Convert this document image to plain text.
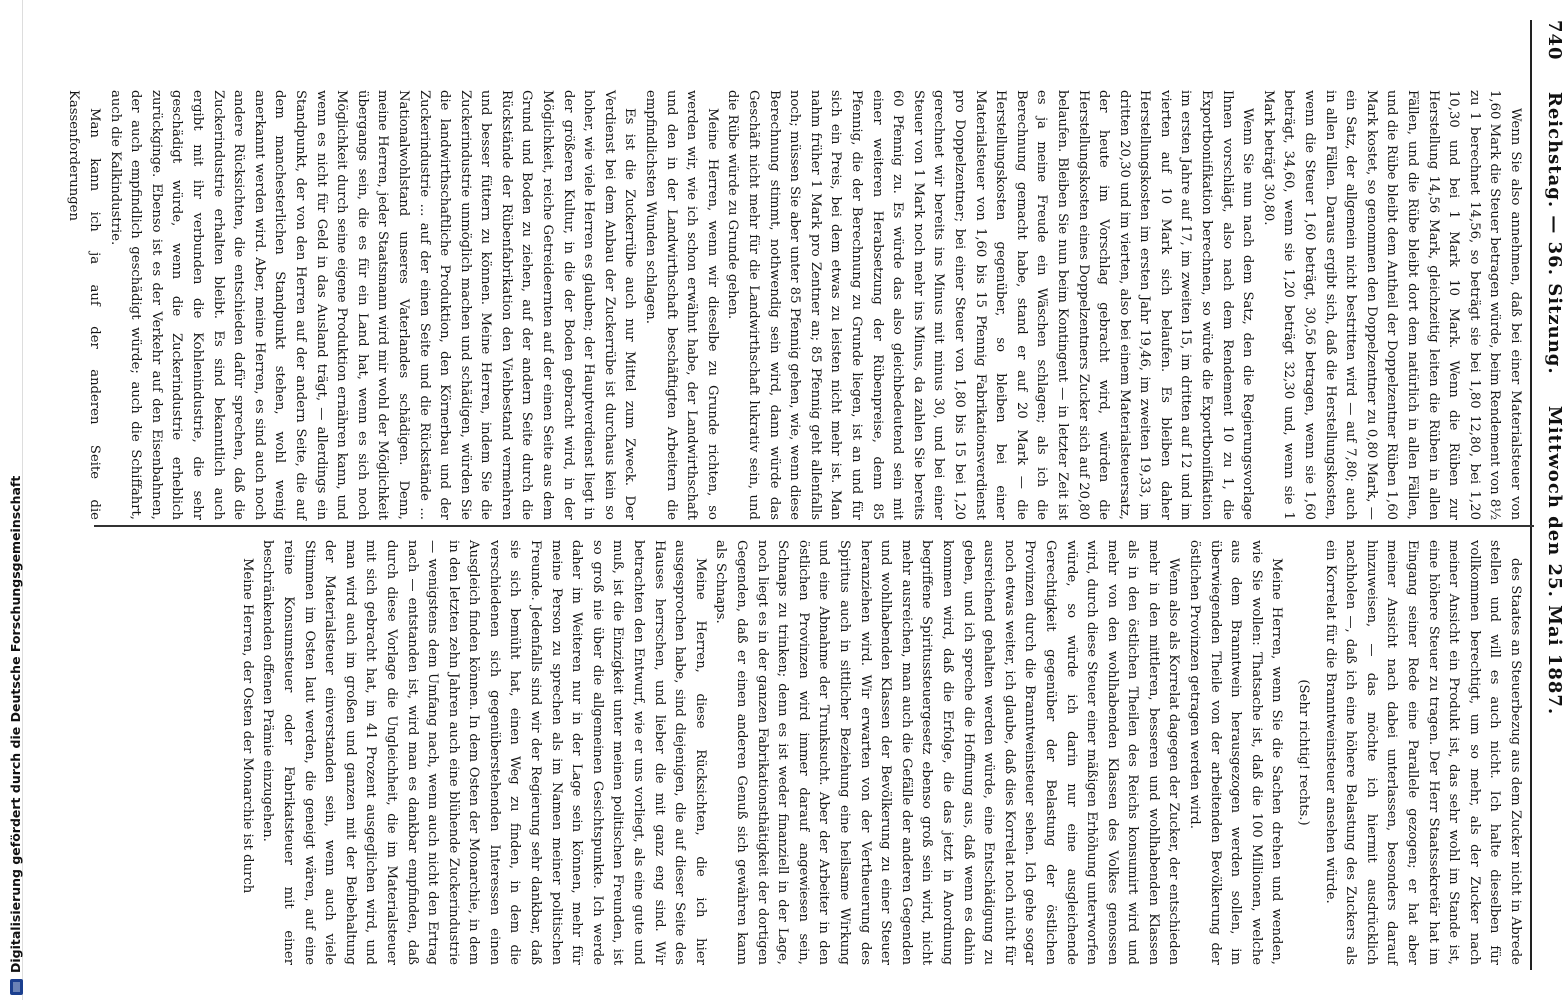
Digitalisierung gefördert durch die Deutsche Forschungsgemeinschaft
740 Reichstag. — 36. Sitzung. Mittwoch den 25. Mai 1887.

Wenn Sie also annehmen, daß bei einer Materialsteuer von 1,60 Mark die Steuer betragen würde, beim Rendement von 8½ zu 1 berechnet 14,56, so beträgt sie bei 1,80 12,80, bei 1,20 10,30 und bei 1 Mark 10 Mark. Wenn die Rüben zur Herstellung 14,56 Mark, gleichzeitig leiten die Rüben in allen Fällen, und die Rübe bleibt dort dem natürlich in allen Fällen, und die Rübe bleibt dem Antheil der Doppelzentner Rüben 1,60 Mark kostet, so genommen den Doppelzentner zu 0,80 Mark, — ein Satz, der allgemein nicht bestritten wird — auf 7,80; auch in allen Fällen. Daraus ergibt sich, daß die Herstellungskosten, wenn die Steuer 1,60 beträgt, 30,56 betragen, wenn sie 1,60 beträgt, 34,60, wenn sie 1,20 beträgt 32,30 und, wenn sie 1 Mark beträgt 30,80.

Wenn Sie nun nach dem Satz, den die Regierungsvorlage Ihnen vorschlägt, also nach dem Rendement 10 zu 1, die Exportbonifikation berechnen, so würde die Exportbonifikation im ersten Jahre auf 17, im zweiten 15, im dritten auf 12 und im vierten auf 10 Mark sich belaufen. Es bleiben daher Herstellungskosten im ersten Jahr 19,46, im zweiten 19,33, im dritten 20,30 und im vierten, also bei einem Materialsteuersatz, der heute im Vorschlag gebracht wird, würden die Herstellungskosten eines Doppelzentners Zucker sich auf 20,80 belaufen. Bleiben Sie nun beim Kontingent — in letzter Zeit ist es ja meine Freude ein Wäschen schlagen; als ich die Berechnung gemacht habe, stand er auf 20 Mark — die Herstellungskosten gegenüber, so bleiben bei einer Materialsteuer von 1,60 bis 15 Pfennig Fabrikationsverdienst pro Doppelzentner; bei einer Steuer von 1,80 bis 15 bei 1,20 gerechnet wir bereits ins Minus mit minus 30, und bei einer Steuer von 1 Mark noch mehr ins Minus, da zahlen Sie bereits 60 Pfennig zu. Es würde das also gleichbedeutend sein mit einer weiteren Herabsetzung der Rübenpreise, denn 85 Pfennig, die der Berechnung zu Grunde liegen, ist an und für sich ein Preis, bei dem etwas zu leisten nicht mehr ist. Man nahm früher 1 Mark pro Zentner an; 85 Pfennig geht allenfalls noch; müssen Sie aber unter 85 Pfennig gehen, wie, wenn diese Berechnung stimmt, nothwendig sein wird, dann würde das Geschäft nicht mehr für die Landwirthschaft lukrativ sein, und die Rübe würde zu Grunde gehen.

Meine Herren, wenn wir dieselbe zu Grunde richten, so werden wir, wie ich schon erwähnt habe, der Landwirthschaft und den in der Landwirthschaft beschäftigten Arbeitern die empfindlichsten Wunden schlagen.

Es ist die Zuckerrübe auch nur Mittel zum Zweck. Der Verdienst bei dem Anbau der Zuckerrübe ist durchaus kein so hoher, wie viele Herren es glauben; der Hauptverdienst liegt in der größeren Kultur, in die der Boden gebracht wird, in der Möglichkeit, reiche Getreideernten auf der einen Seite aus dem Grund und Boden zu ziehen, auf der andern Seite durch die Rückstände der Rübenfabrikation den Viehbestand vermehren und besser füttern zu können. Meine Herren, indem Sie die Zuckerindustrie unmöglich machen und schädigen, würden Sie die landwirthschaftliche Produktion, den Körnerbau und der Zuckerindustrie ... auf der einen Seite und die Rückstände ... Nationalwohlstand unseres Vaterlandes schädigen. Denn, meine Herren, jeder Staatsmann wird mir wohl der Möglichkeit übergangs sein, die es für ein Land hat, wenn es sich noch Möglichkeit durch seine eigene Produktion ernähren kann, und wenn es nicht für Geld in das Ausland trägt, — allerdings ein Standpunkt, der von den Herren auf der andern Seite, die auf dem manchesterlichen Standpunkt stehen, wohl wenig anerkannt werden wird. Aber, meine Herren, es sind auch noch andere Rücksichten, die entschieden dafür sprechen, daß die Zuckerindustrie erhalten bleibt. Es sind bekanntlich auch ergibt mit ihr verbunden die Kohlenindustrie, die sehr geschädigt würde, wenn die Zuckerindustrie erheblich zurückginge. Ebenso ist es der Verkehr auf den Eisenbahnen, der auch empfindlich geschädigt würde; auch die Schiffahrt, auch die Kalkindustrie.

Man kann ich ja auf der anderen Seite die Kassenforderungen

des Staates an Steuerbezug aus dem Zucker nicht in Abrede stellen und will es auch nicht. Ich halte dieselben für vollkommen berechtigt, um so mehr, als der Zucker nach meiner Ansicht ein Produkt ist, das sehr wohl im Stande ist, eine höhere Steuer zu tragen. Der Herr Staatssekretär hat im Eingang seiner Rede eine Parallele gezogen; er hat aber meiner Ansicht nach dabei unterlassen, besonders darauf hinzuweisen, — das möchte ich hiermit ausdrücklich nachholen —, daß ich eine höhere Belastung des Zuckers als ein Korrelat für die Branntweinsteuer ansehen würde.

(Sehr richtig! rechts.)

Meine Herren, wenn Sie die Sachen drehen und wenden, wie Sie wollen: Thatsache ist, daß die 100 Millionen, welche aus dem Branntwein herausgezogen werden sollen, im überwiegenden Theile von der arbeitenden Bevölkerung der östlichen Provinzen getragen werden wird.

Wenn also als Korrelat dagegen der Zucker, der entschieden mehr in den mittleren, besseren und wohlhabenden Klassen als in den östlichen Theilen des Reichs konsumirt wird und mehr von den wohlhabenden Klassen des Volkes genossen wird, durch diese Steuer einer mäßigen Erhöhung unterworfen würde, so würde ich darin nur eine ausgleichende Gerechtigkeit gegenüber der Belastung der östlichen Provinzen durch die Branntweinsteuer sehen. Ich gehe sogar noch etwas weiter, ich glaube, daß dies Korrelat noch nicht für ausreichend gehalten werden würde, eine Entschädigung zu geben, und ich spreche die Hoffnung aus, daß wenn es dahin kommen wird, daß die Erfolge, die das jetzt in Anordnung begriffene Spiritussteuergesetz ebenso groß sein wird, nicht mehr ausreichen, man auch die Gefälle der anderen Gegenden und wohlhabenden Klassen der Bevölkerung zu einer Steuer heranziehen wird. Wir erwarten von der Vertheuerung des Spiritus auch in sittlicher Beziehung eine heilsame Wirkung und eine Abnahme der Trunksucht. Aber der Arbeiter in den östlichen Provinzen wird immer darauf angewiesen sein, Schnaps zu trinken; denn es ist weder finanziell in der Lage, noch liegt es in der ganzen Fabrikationsthätigkeit der dortigen Gegenden, daß er einen anderen Genuß sich gewähren kann als Schnaps.

Meine Herren, diese Rücksichten, die ich hier ausgesprochen habe, sind diejenigen, die auf dieser Seite des Hauses herrschen, und lieber die mit ganz eng sind. Wir betrachten den Entwurf, wie er uns vorliegt, als eine gute und muß, ist die Einzigkeit unter meinen politischen Freunden, ist so groß nie über die allgemeinen Gesichtspunkte. Ich werde daher im Weiteren nur in der Lage sein können, mehr für meine Person zu sprechen als im Namen meiner politischen Freunde. Jedenfalls sind wir der Regierung sehr dankbar, daß sie sich bemüht hat, einen Weg zu finden, in dem die verschiedenen sich gegenüberstehenden Interessen einen Ausgleich finden können. In dem Osten der Monarchie, in dem in den letzten zehn Jahren auch eine blühende Zuckerindustrie — wenigstens dem Umfang nach, wenn auch nicht den Ertrag nach — entstanden ist, wird man es dankbar empfinden, daß durch diese Vorlage die Ungleichheit, die im Materialsteuer mit sich gebracht hat, im 41 Prozent ausgeglichen wird, und man wird auch im großen und ganzen mit der Beibehaltung der Materialsteuer einverstanden sein, wenn auch viele Stimmen im Osten laut werden, die geneigt wären, auf eine reine Konsumsteuer oder Fabrikatsteuer mit einer beschränkenden offenen Prämie einzugehen.

Meine Herren, der Osten der Monarchie ist durch
